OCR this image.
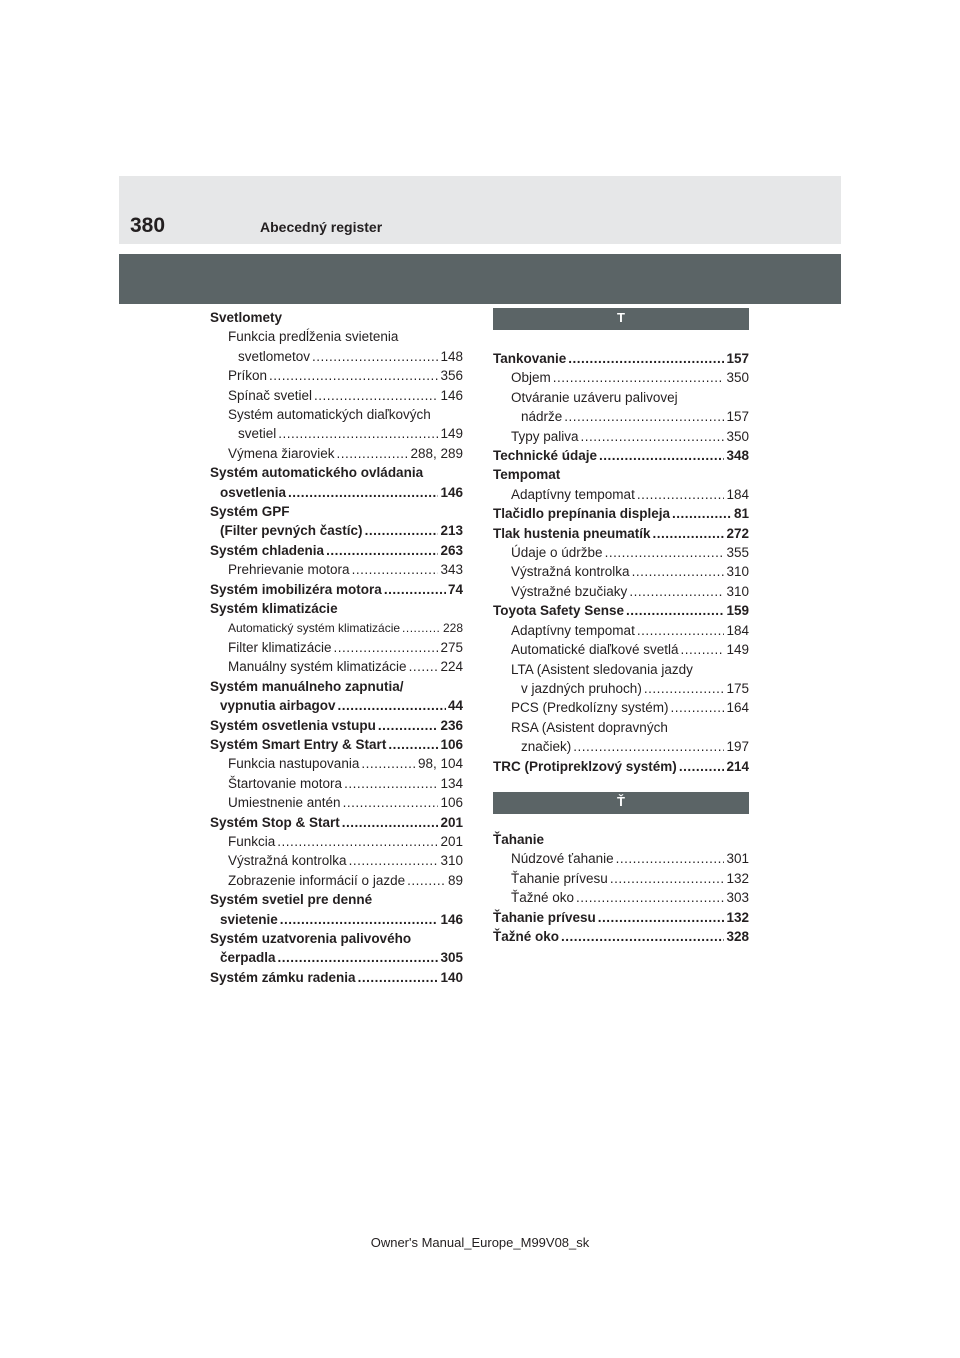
380	Abecedný register
Svetlomety
Funkcia predĺženia svietenia
svetlometov .....	148
Príkon .....	356
Spínač svetiel .....	146
Systém automatických diaľkových
svetiel .....	149
Výmena žiaroviek .....	288, 289
Systém automatického ovládania
osvetlenia .....	146
Systém GPF
(Filter pevných častíc) .....	213
Systém chladenia .....	263
Prehrievanie motora .....	343
Systém imobilizéra motora .....	74
Systém klimatizácie
Automatický systém klimatizácie .....	228
Filter klimatizácie .....	275
Manuálny systém klimatizácie .....	224
Systém manuálneho zapnutia/
vypnutia airbagov .....	44
Systém osvetlenia vstupu .....	236
Systém Smart Entry & Start .....	106
Funkcia nastupovania .....	98, 104
Štartovanie motora .....	134
Umiestnenie antén .....	106
Systém Stop & Start .....	201
Funkcia .....	201
Výstražná kontrolka .....	310
Zobrazenie informácií o jazde .....	89
Systém svetiel pre denné
svietenie .....	146
Systém uzatvorenia palivového
čerpadla .....	305
Systém zámku radenia .....	140
T
Tankovanie .....	157
Objem .....	350
Otváranie uzáveru palivovej
nádrže .....	157
Typy paliva .....	350
Technické údaje .....	348
Tempomat
Adaptívny tempomat .....	184
Tlačidlo prepínania displeja .....	81
Tlak hustenia pneumatík .....	272
Údaje o údržbe .....	355
Výstražná kontrolka .....	310
Výstražné bzučiaky .....	310
Toyota Safety Sense .....	159
Adaptívny tempomat .....	184
Automatické diaľkové svetlá .....	149
LTA (Asistent sledovania jazdy
v jazdných pruhoch) .....	175
PCS (Predkolízny systém) .....	164
RSA (Asistent dopravných
značiek) .....	197
TRC (Protipreklzový systém) .....	214
Ť
Ťahanie
Núdzové ťahanie .....	301
Ťahanie prívesu .....	132
Ťažné oko .....	303
Ťahanie prívesu .....	132
Ťažné oko .....	328
Owner's Manual_Europe_M99V08_sk
